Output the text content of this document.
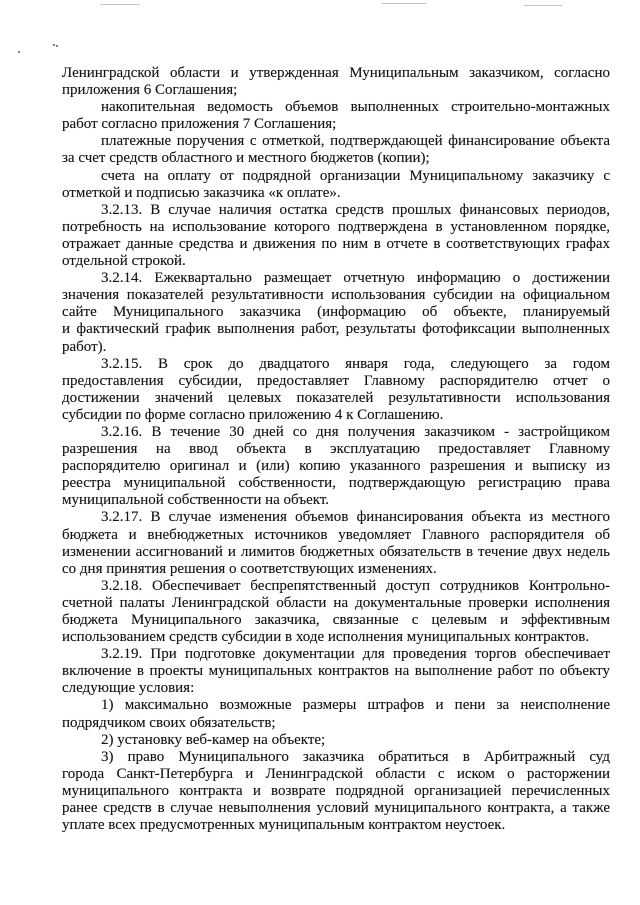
Ленинградской области и утвержденная Муниципальным заказчиком, согласно
приложения 6 Соглашения;
накопительная ведомость объемов выполненных строительно-монтажных
работ согласно приложения 7 Соглашения;
платежные поручения с отметкой, подтверждающей финансирование объекта
за счет средств областного и местного бюджетов (копии);
счета на оплату от подрядной организации Муниципальному заказчику с
отметкой и подписью заказчика «к оплате».
3.2.13. В случае наличия остатка средств прошлых финансовых периодов,
потребность на использование которого подтверждена в установленном порядке,
отражает данные средства и движения по ним в отчете в соответствующих графах
отдельной строкой.
3.2.14. Ежеквартально размещает отчетную информацию о достижении
значения показателей результативности использования субсидии на официальном
сайте Муниципального заказчика (информацию об объекте, планируемый
и фактический график выполнения работ, результаты фотофиксации выполненных
работ).
3.2.15. В срок до двадцатого января года, следующего за годом
предоставления субсидии, предоставляет Главному распорядителю отчет о
достижении значений целевых показателей результативности использования
субсидии по форме согласно приложению 4 к Соглашению.
3.2.16. В течение 30 дней со дня получения заказчиком - застройщиком
разрешения на ввод объекта в эксплуатацию предоставляет Главному
распорядителю оригинал и (или) копию указанного разрешения и выписку из
реестра муниципальной собственности, подтверждающую регистрацию права
муниципальной собственности на объект.
3.2.17. В случае изменения объемов финансирования объекта из местного
бюджета и внебюджетных источников уведомляет Главного распорядителя об
изменении ассигнований и лимитов бюджетных обязательств в течение двух недель
со дня принятия решения о соответствующих изменениях.
3.2.18. Обеспечивает беспрепятственный доступ сотрудников Контрольно-
счетной палаты Ленинградской области на документальные проверки исполнения
бюджета Муниципального заказчика, связанные с целевым и эффективным
использованием средств субсидии в ходе исполнения муниципальных контрактов.
3.2.19. При подготовке документации для проведения торгов обеспечивает
включение в проекты муниципальных контрактов на выполнение работ по объекту
следующие условия:
1) максимально возможные размеры штрафов и пени за неисполнение
подрядчиком своих обязательств;
2) установку веб-камер на объекте;
3) право Муниципального заказчика обратиться в Арбитражный суд
города Санкт-Петербурга и Ленинградской области с иском о расторжении
муниципального контракта и возврате подрядной организацией перечисленных
ранее средств в случае невыполнения условий муниципального контракта, а также
уплате всех предусмотренных муниципальным контрактом неустоек.
